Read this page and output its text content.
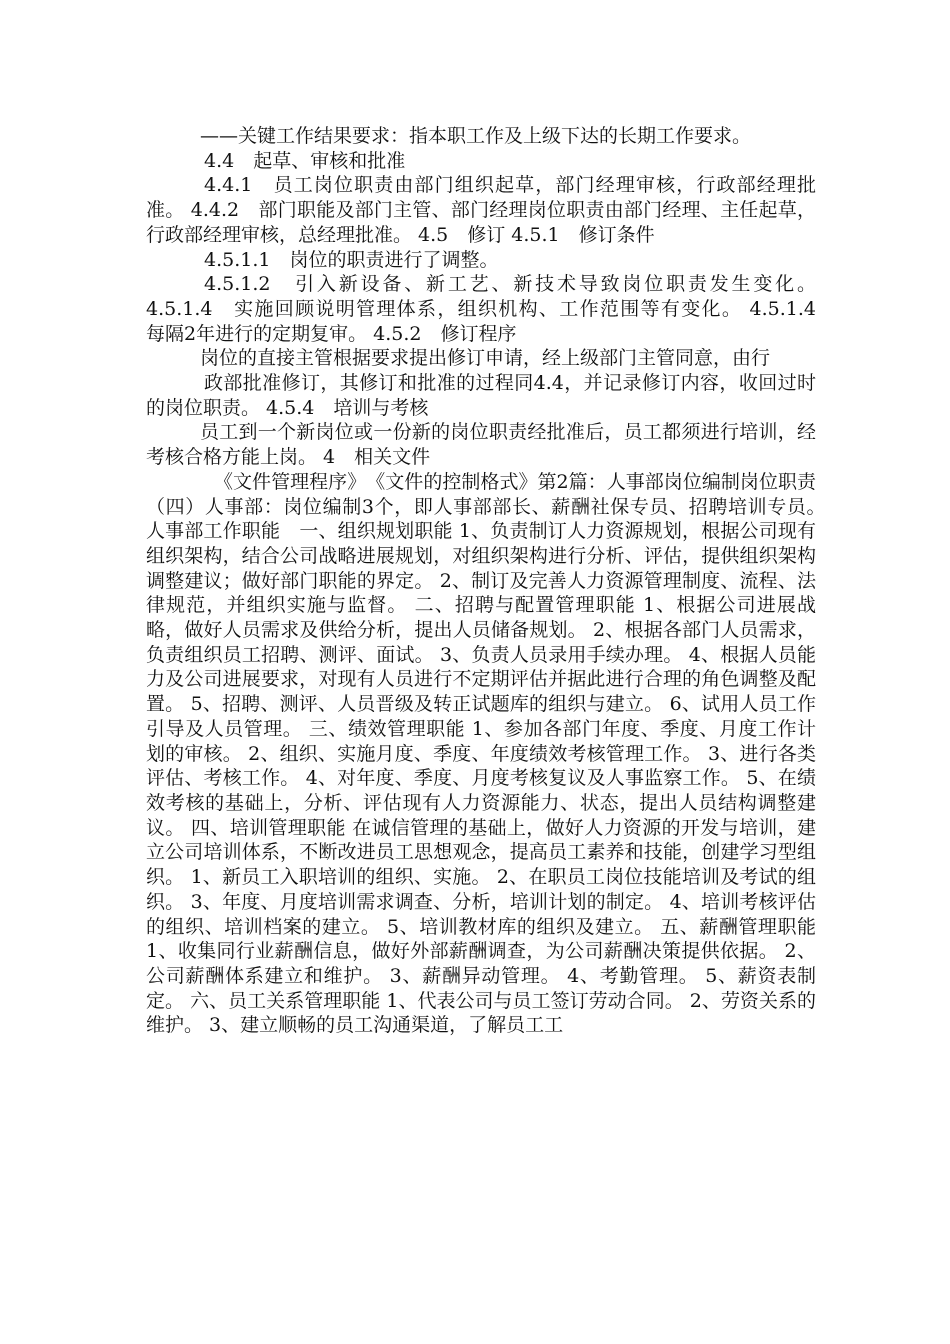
——关键工作结果要求：指本职工作及上级下达的长期工作要求。

4.4　起草、审核和批准

4.4.1　员工岗位职责由部门组织起草，部门经理审核，行政部经理批准。 4.4.2　部门职能及部门主管、部门经理岗位职责由部门经理、主任起草，行政部经理审核，总经理批准。 4.5　修订 4.5.1　修订条件

4.5.1.1　岗位的职责进行了调整。

4.5.1.2　引入新设备、新工艺、新技术导致岗位职责发生变化。 4.5.1.4　实施回顾说明管理体系，组织机构、工作范围等有变化。 4.5.1.4　每隔2年进行的定期复审。 4.5.2　修订程序

岗位的直接主管根据要求提出修订申请，经上级部门主管同意，由行

政部批准修订，其修订和批准的过程同4.4，并记录修订内容，收回过时的岗位职责。 4.5.4　培训与考核

员工到一个新岗位或一份新的岗位职责经批准后，员工都须进行培训，经考核合格方能上岗。 4　相关文件

《文件管理程序》　《文件的控制格式》第2篇：人事部岗位编制岗位职责（四）人事部：岗位编制3个，即人事部部长、薪酬社保专员、招聘培训专员。　人事部工作职能　一、组织规划职能 1、负责制订人力资源规划，根据公司现有组织架构，结合公司战略进展规划，对组织架构进行分析、评估，提供组织架构调整建议；做好部门职能的界定。 2、制订及完善人力资源管理制度、流程、法律规范，并组织实施与监督。 二、招聘与配置管理职能 1、根据公司进展战略，做好人员需求及供给分析，提出人员储备规划。 2、根据各部门人员需求，负责组织员工招聘、测评、面试。 3、负责人员录用手续办理。 4、根据人员能力及公司进展要求，对现有人员进行不定期评估并据此进行合理的角色调整及配置。 5、招聘、测评、人员晋级及转正试题库的组织与建立。 6、试用人员工作引导及人员管理。 三、绩效管理职能 1、参加各部门年度、季度、月度工作计划的审核。 2、组织、实施月度、季度、年度绩效考核管理工作。 3、进行各类评估、考核工作。 4、对年度、季度、月度考核复议及人事监察工作。 5、在绩效考核的基础上，分析、评估现有人力资源能力、状态，提出人员结构调整建议。 四、培训管理职能 在诚信管理的基础上，做好人力资源的开发与培训，建立公司培训体系，不断改进员工思想观念，提高员工素养和技能，创建学习型组织。 1、新员工入职培训的组织、实施。 2、在职员工岗位技能培训及考试的组织。 3、年度、月度培训需求调查、分析，培训计划的制定。 4、培训考核评估的组织、培训档案的建立。 5、培训教材库的组织及建立。 五、薪酬管理职能 1、收集同行业薪酬信息，做好外部薪酬调查，为公司薪酬决策提供依据。 2、公司薪酬体系建立和维护。 3、薪酬异动管理。 4、考勤管理。 5、薪资表制定。 六、员工关系管理职能 1、代表公司与员工签订劳动合同。 2、劳资关系的维护。 3、建立顺畅的员工沟通渠道，了解员工工
